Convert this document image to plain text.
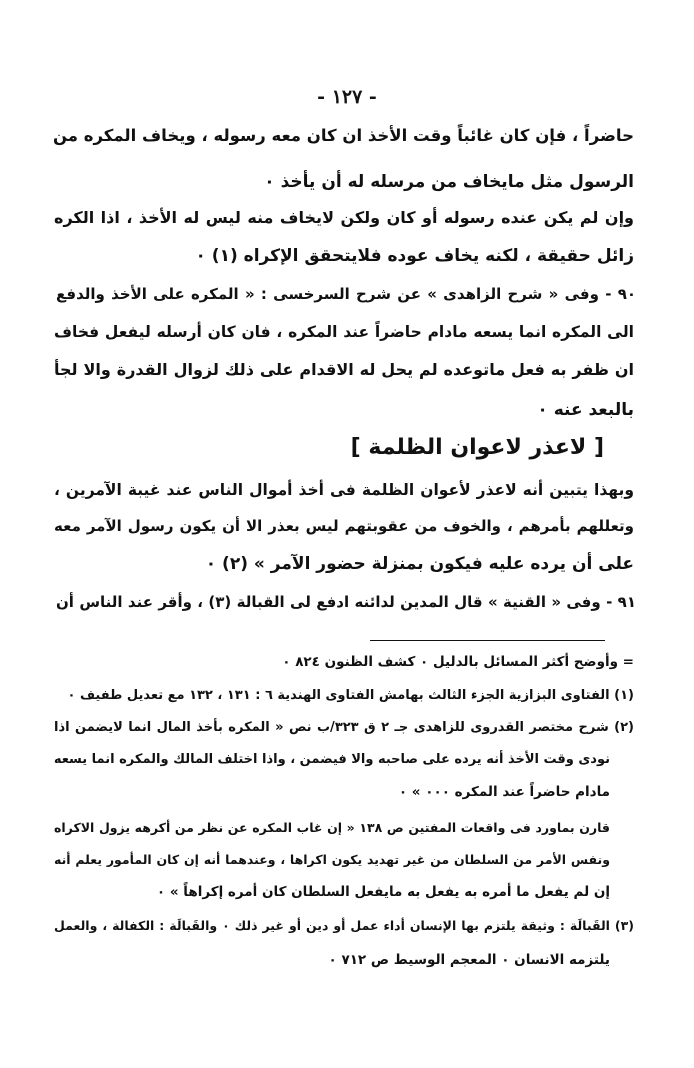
- ١٢٧ -
حاضراً ، فإن كان غائباً وقت الأخذ ان كان معه رسوله ، ويخاف المكره من
الرسول مثل مايخاف من مرسله له أن يأخذ ٠
وإن لم يكن عنده رسوله أو كان ولكن لايخاف منه ليس له الأخذ ، اذا الكره
زائل حقيقة ، لكنه يخاف عوده فلايتحقق الإكراه (١) ٠
٩٠ - وفى « شرح الزاهدى » عن شرح السرخسى : « المكره على الأخذ والدفع
الى المكره انما يسعه مادام حاضراً عند المكره ، فان كان أرسله ليفعل فخاف
ان ظفر به فعل ماتوعده لم يحل له الاقدام على ذلك لزوال القدرة والا لجأ
بالبعد عنه ٠
[ لاعذر لاعوان الظلمة ]
وبهذا يتبين أنه لاعذر لأعوان الظلمة فى أخذ أموال الناس عند غيبة الآمرين ،
وتعللهم بأمرهم ، والخوف من عقوبتهم ليس بعذر الا أن يكون رسول الآمر معه
على أن يرده عليه فيكون بمنزلة حضور الآمر » (٢) ٠
٩١ - وفى « القنية » قال المدين لدائنه ادفع لى القبالة (٣) ، وأقر عند الناس أن
= وأوضح أكثر المسائل بالدليل ٠ كشف الظنون ٨٢٤ ٠
(١) الفتاوى البزازية الجزء الثالث بهامش الفتاوى الهندية ٦ : ١٣١ ، ١٣٢ مع تعديل طفيف ٠
(٢) شرح مختصر القدروى للزاهدى جـ ٢ ق ٣٢٣/ب نص « المكره بأخذ المال انما لايضمن اذا
نودى وقت الأخذ أنه يرده على صاحبه والا فيضمن ، واذا اختلف المالك والمكره انما يسعه
مادام حاضراً عند المكره ٠٠٠ » ٠
قارن بماورد فى واقعات المفتين ص ١٣٨ « إن غاب المكره عن نظر من أكرهه يزول الاكراه
ونفس الأمر من السلطان من غير تهديد يكون اكراها ، وعندهما أنه إن كان المأمور يعلم أنه
إن لم يفعل ما أمره به يفعل به مايفعل السلطان كان أمره إكراهاً » ٠
(٣) القَبالَة : وثيقة يلتزم بها الإنسان أداء عمل أو دين أو غير ذلك ٠ والقَبالَة : الكفالة ، والعمل
يلتزمه الانسان ٠ المعجم الوسيط ص ٧١٢ ٠
